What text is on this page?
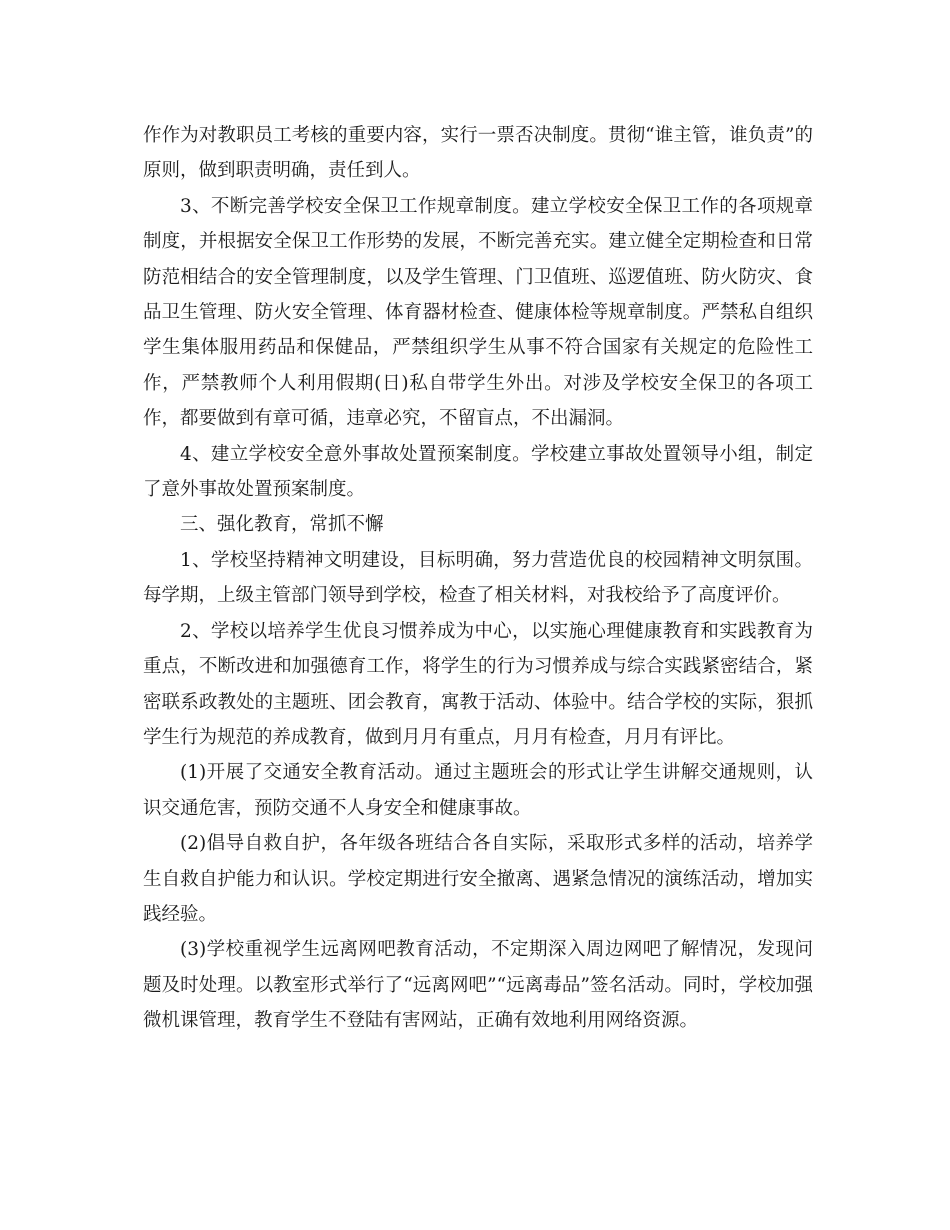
作作为对教职员工考核的重要内容，实行一票否决制度。贯彻“谁主管，谁负责”的原则，做到职责明确，责任到人。

3、不断完善学校安全保卫工作规章制度。建立学校安全保卫工作的各项规章制度，并根据安全保卫工作形势的发展，不断完善充实。建立健全定期检查和日常防范相结合的安全管理制度，以及学生管理、门卫值班、巡逻值班、防火防灾、食品卫生管理、防火安全管理、体育器材检查、健康体检等规章制度。严禁私自组织学生集体服用药品和保健品，严禁组织学生从事不符合国家有关规定的危险性工作，严禁教师个人利用假期(日)私自带学生外出。对涉及学校安全保卫的各项工作，都要做到有章可循，违章必究，不留盲点，不出漏洞。

4、建立学校安全意外事故处置预案制度。学校建立事故处置领导小组，制定了意外事故处置预案制度。

三、强化教育，常抓不懈

1、学校坚持精神文明建设，目标明确，努力营造优良的校园精神文明氛围。每学期，上级主管部门领导到学校，检查了相关材料，对我校给予了高度评价。

2、学校以培养学生优良习惯养成为中心，以实施心理健康教育和实践教育为重点，不断改进和加强德育工作，将学生的行为习惯养成与综合实践紧密结合，紧密联系政教处的主题班、团会教育，寓教于活动、体验中。结合学校的实际，狠抓学生行为规范的养成教育，做到月月有重点，月月有检查，月月有评比。

(1)开展了交通安全教育活动。通过主题班会的形式让学生讲解交通规则，认识交通危害，预防交通不人身安全和健康事故。

(2)倡导自救自护，各年级各班结合各自实际，采取形式多样的活动，培养学生自救自护能力和认识。学校定期进行安全撤离、遇紧急情况的演练活动，增加实践经验。

(3)学校重视学生远离网吧教育活动，不定期深入周边网吧了解情况，发现问题及时处理。以教室形式举行了“远离网吧”“远离毒品”签名活动。同时，学校加强微机课管理，教育学生不登陆有害网站，正确有效地利用网络资源。
